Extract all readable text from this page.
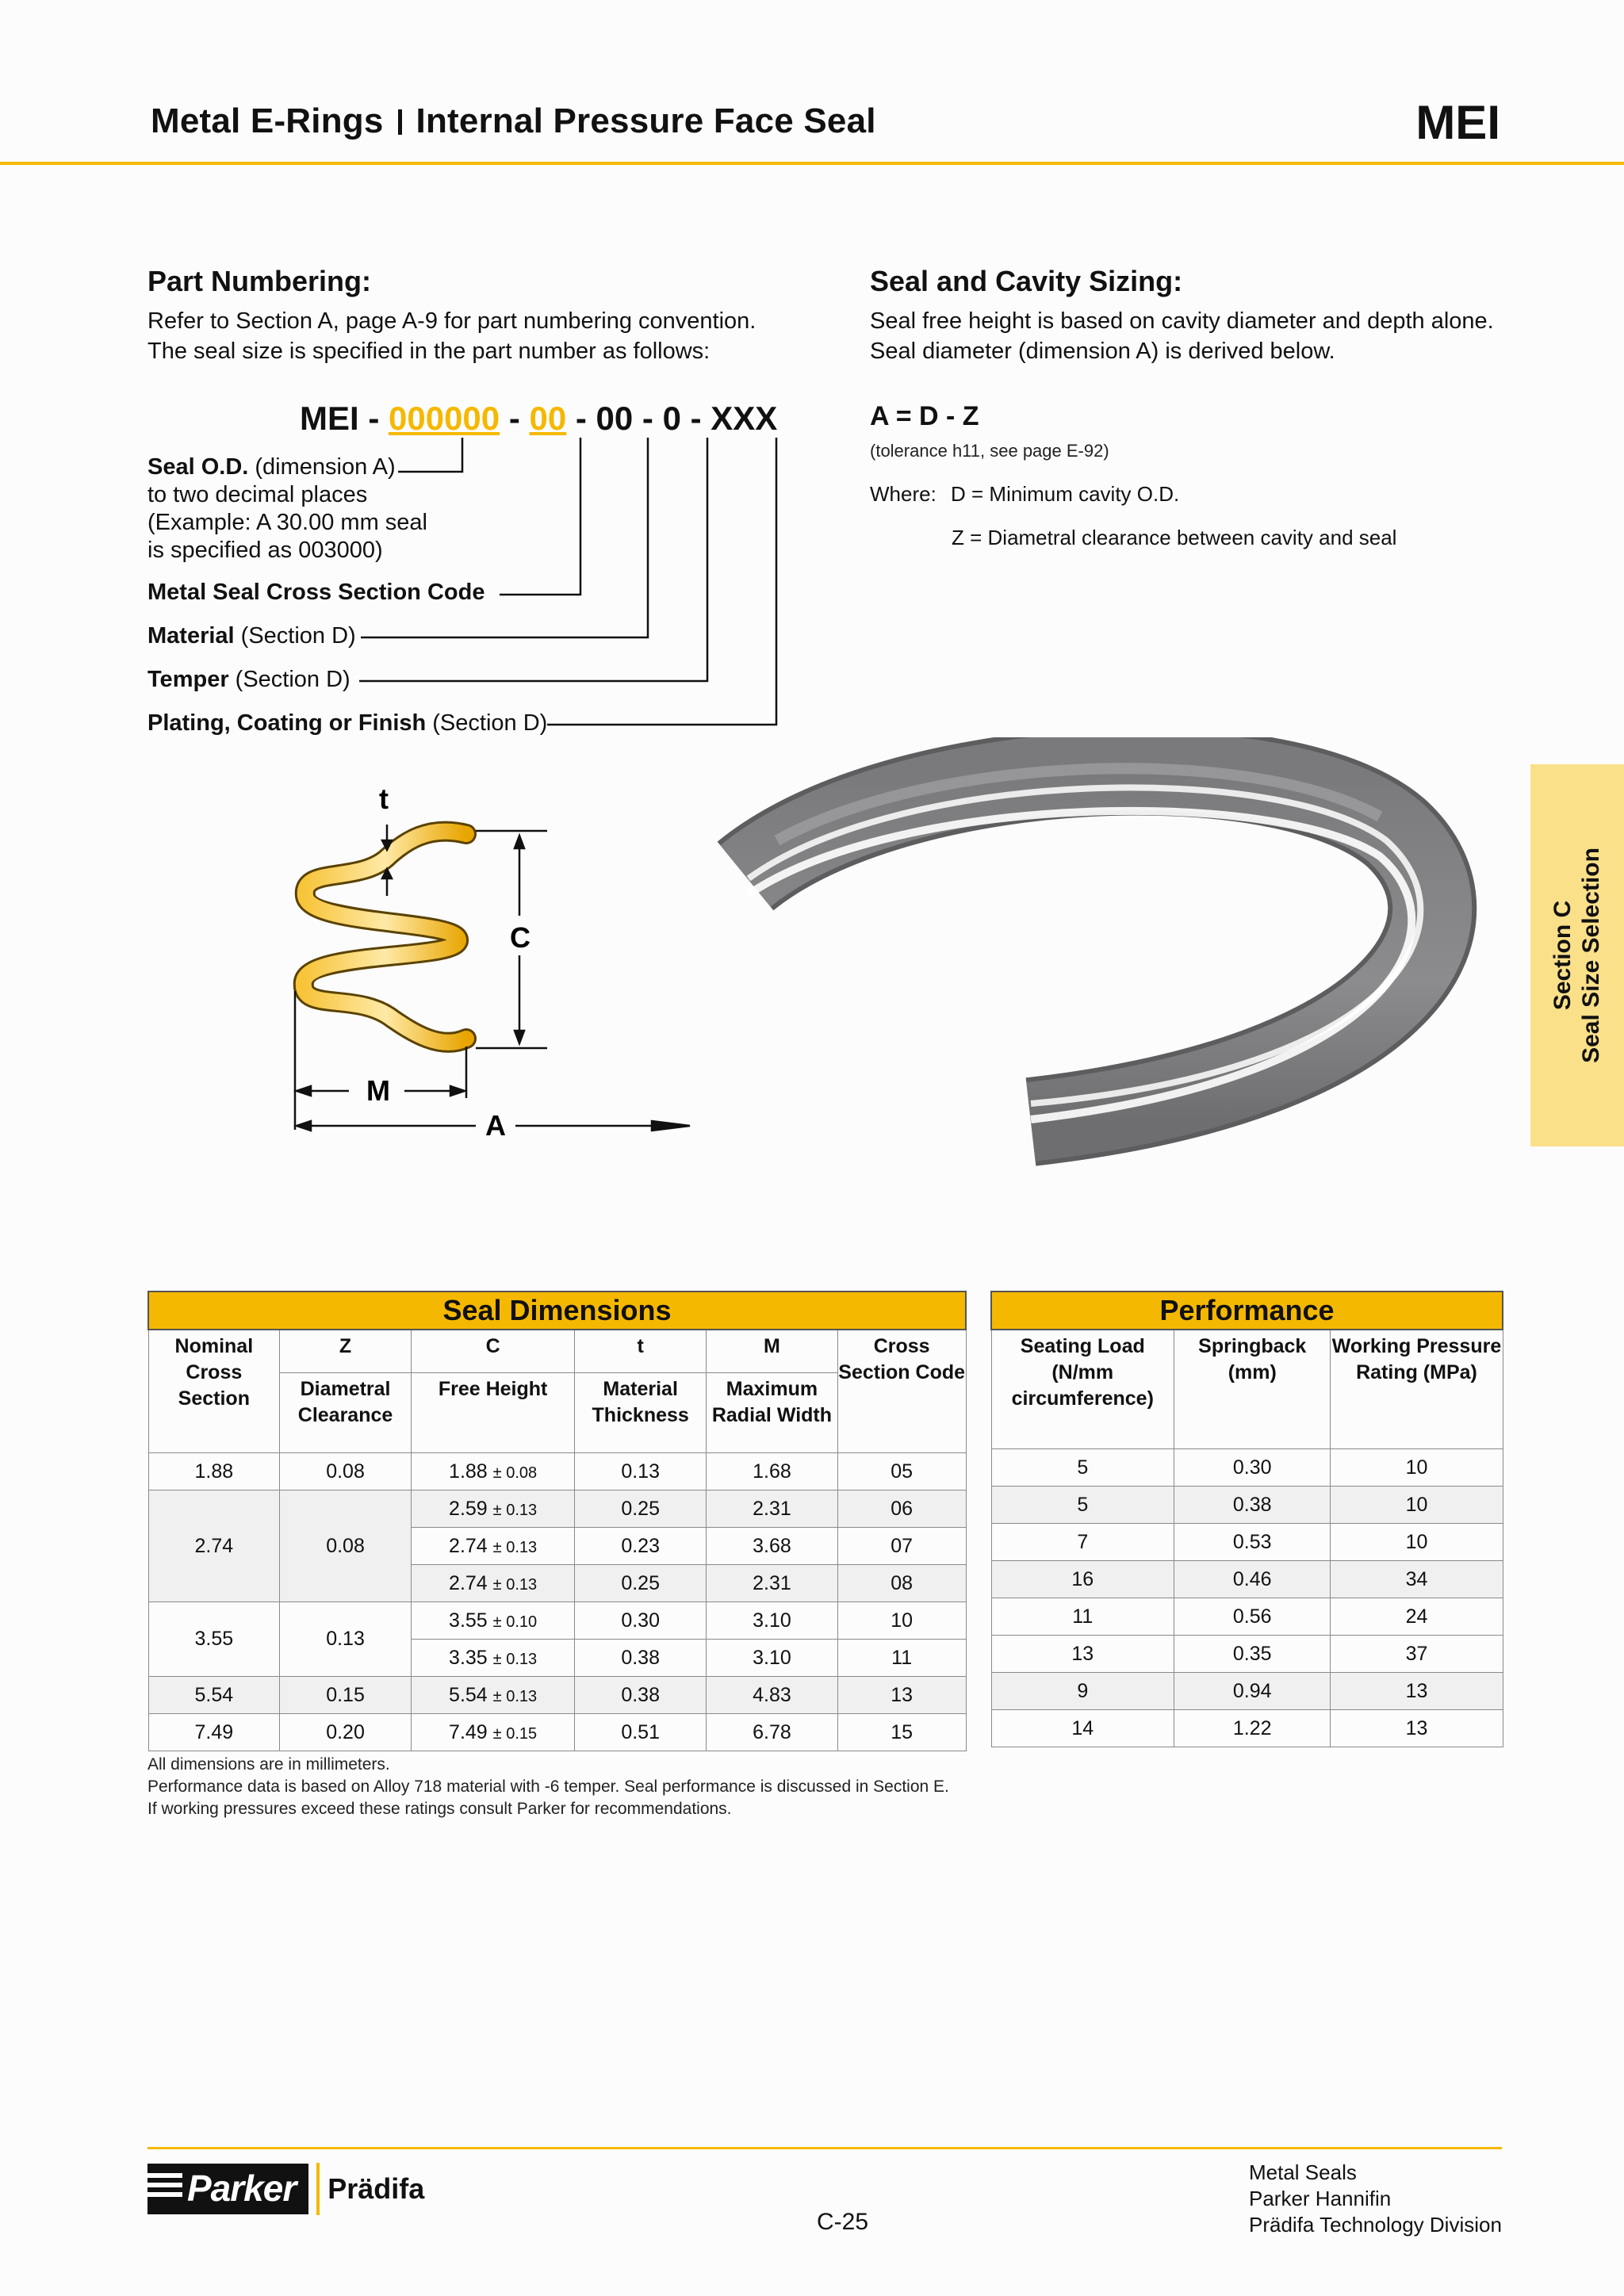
Metal E-Rings Internal Pressure Face Seal	MEI
Section C Seal Size Selection
Part Numbering:
Refer to Section A, page A-9 for part numbering convention.
The seal size is specified in the part number as follows:
MEI - 000000 - 00 - 00 - 0 - XXX
Seal O.D. (dimension A)
to two decimal places
(Example: A 30.00 mm seal
is specified as 003000)
Metal Seal Cross Section Code
Material (Section D)
Temper (Section D)
Plating, Coating or Finish (Section D)
Seal and Cavity Sizing:
Seal free height is based on cavity diameter and depth alone.
Seal diameter (dimension A) is derived below.
A = D - Z
(tolerance h11, see page E-92)
Where: D = Minimum cavity O.D.
Z = Diametral clearance between cavity and seal
t
C
M
A
Seal Dimensions					
Nominal Cross Section	Z	C	t	M	Cross Section Code
	Diametral Clearance	Free Height	Material Thickness	Maximum Radial Width	
1.88	0.08	1.88 ± 0.08	0.13	1.68	05
2.74	0.08	2.59 ± 0.13	0.25	2.31	06
		2.74 ± 0.13	0.23	3.68	07
		2.74 ± 0.13	0.25	2.31	08
3.55	0.13	3.55 ± 0.10	0.30	3.10	10
		3.35 ± 0.13	0.38	3.10	11
5.54	0.15	5.54 ± 0.13	0.38	4.83	13
7.49	0.20	7.49 ± 0.15	0.51	6.78	15
Performance		
Seating Load (N/mm circumference)	Springback (mm)	Working Pressure Rating (MPa)
5	0.30	10
5	0.38	10
7	0.53	10
16	0.46	34
11	0.56	24
13	0.35	37
9	0.94	13
14	1.22	13
All dimensions are in millimeters.
Performance data is based on Alloy 718 material with -6 temper. Seal performance is discussed in Section E.
If working pressures exceed these ratings consult Parker for recommendations.
Parker Prädifa
C-25
Metal Seals
Parker Hannifin
Prädifa Technology Division
